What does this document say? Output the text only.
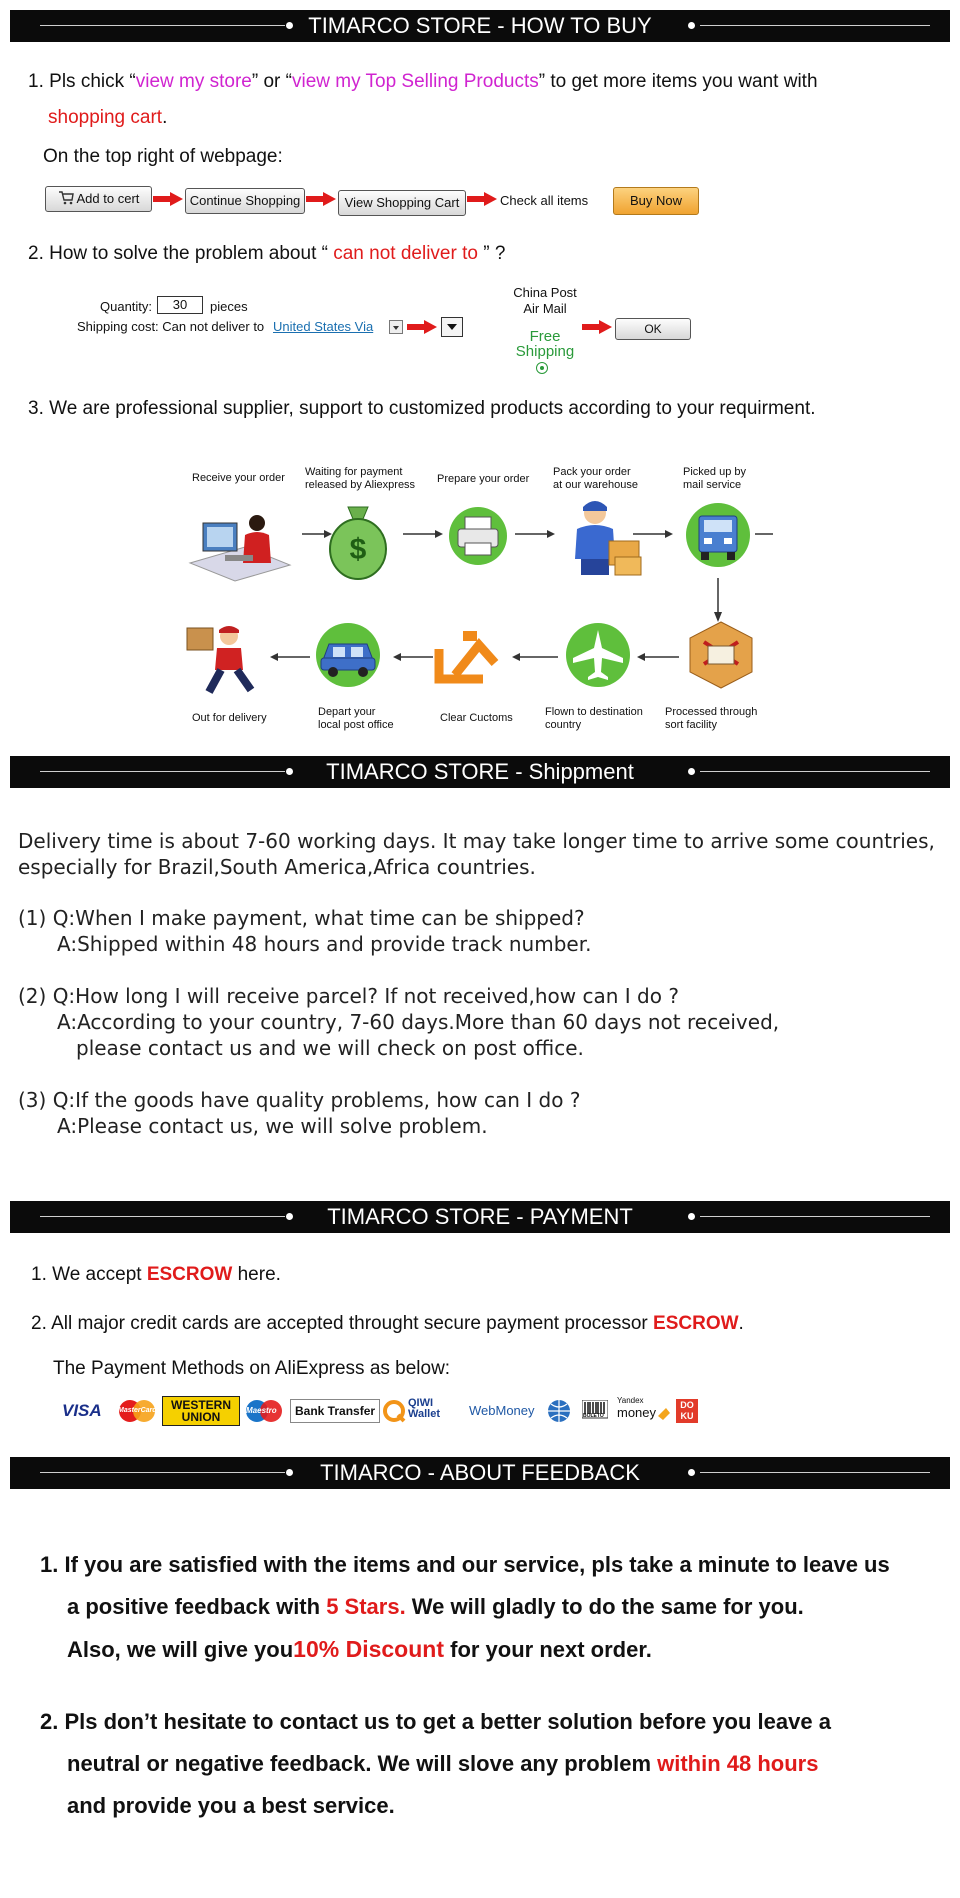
TIMARCO STORE - HOW TO BUY
1. Pls chick “view my store” or “view my Top Selling Products” to get more items you want with
shopping cart.
On the top right of webpage:
Add to cert	Continue Shopping	View Shopping Cart	Check all items	Buy Now
2. How to solve the problem about “ can not deliver to ” ?
Quantity:	30	pieces
Shipping cost: Can not deliver to United States Via
China Post
Air Mail
Free
Shipping
OK
3. We are professional supplier, support to customized products according to your requirment.
Receive your order Waiting for payment
released by Aliexpress Prepare your order
Pack your order
at our warehouse
Picked up by
mail service
$
Out for delivery	Depart your
local post office
Clear Cuctoms	Flown to destination
country
Processed through
sort facility
TIMARCO STORE - Shippment
Delivery time is about 7-60 working days. It may take longer time to arrive some countries,
especially for Brazil,South America,Africa countries.
(1) Q:When I make payment, what time can be shipped?
A:Shipped within 48 hours and provide track number.
(2) Q:How long I will receive parcel? If not received,how can I do ?
A:According to your country, 7-60 days.More than 60 days not received,
please contact us and we will check on post office.
(3) Q:If the goods have quality problems, how can I do ?
A:Please contact us, we will solve problem.
TIMARCO STORE - PAYMENT
1. We accept ESCROW here.
2. All major credit cards are accepted throught secure payment processor ESCROW.
The Payment Methods on AliExpress as below:
VISA MasterCard	WESTERN
UNION	Maestro	Bank Transfer
QIWI
Wallet WebMoney	BOLETO
Yandex
money	DO
KU
TIMARCO - ABOUT FEEDBACK
1. If you are satisfied with the items and our service, pls take a minute to leave us
a positive feedback with 5 Stars. We will gladly to do the same for you.
Also, we will give you10% Discount for your next order.
2. Pls don’t hesitate to contact us to get a better solution before you leave a
neutral or negative feedback. We will slove any problem within 48 hours
and provide you a best service.
